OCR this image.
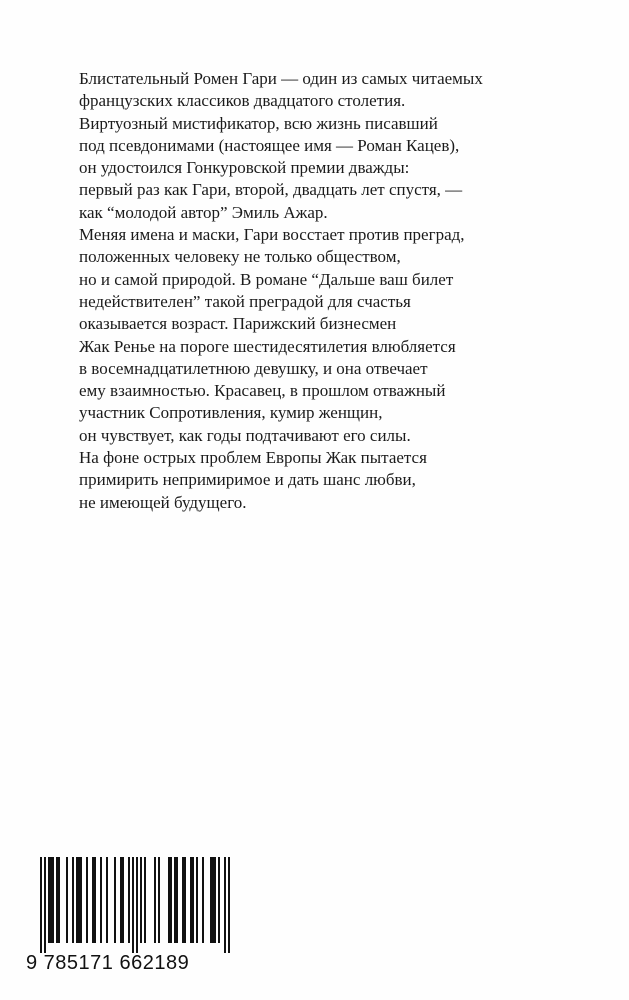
Блистательный Ромен Гари — один из самых читаемых
французских классиков двадцатого столетия.
Виртуозный мистификатор, всю жизнь писавший
под псевдонимами (настоящее имя — Роман Кацев),
он удостоился Гонкуровской премии дважды:
первый раз как Гари, второй, двадцать лет спустя, —
как “молодой автор” Эмиль Ажар.
Меняя имена и маски, Гари восстает против преград,
положенных человеку не только обществом,
но и самой природой. В романе “Дальше ваш билет
недействителен” такой преградой для счастья
оказывается возраст. Парижский бизнесмен
Жак Ренье на пороге шестидесятилетия влюбляется
в восемнадцатилетнюю девушку, и она отвечает
ему взаимностью. Красавец, в прошлом отважный
участник Сопротивления, кумир женщин,
он чувствует, как годы подтачивают его силы.
На фоне острых проблем Европы Жак пытается
примирить непримиримое и дать шанс любви,
не имеющей будущего.

9 785171 662189
